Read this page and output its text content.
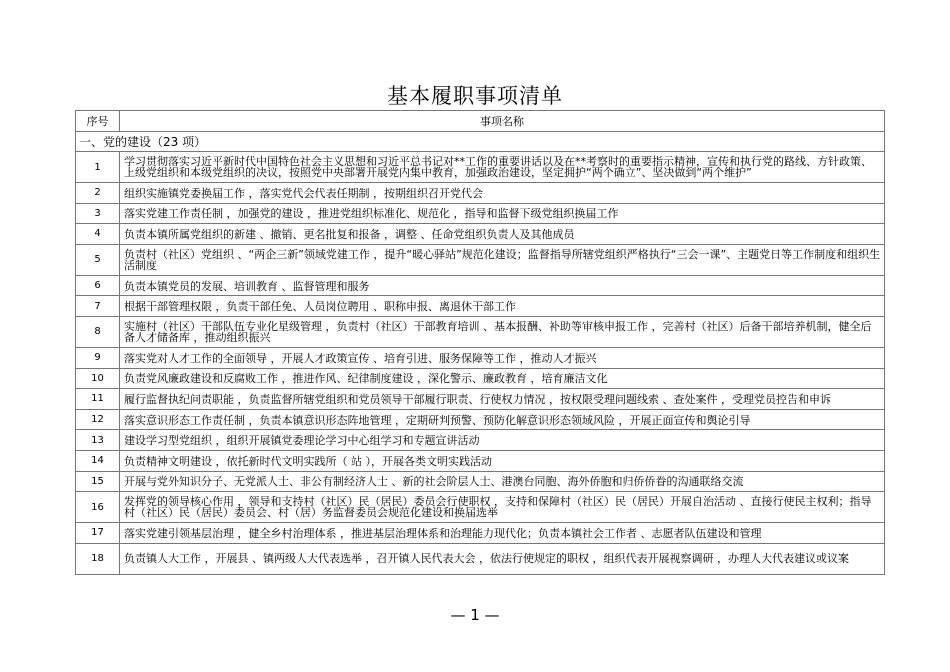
基本履职事项清单
序号	事项名称
一、党的建设（23 项）	
1	学习贯彻落实习近平新时代中国特色社会主义思想和习近平总书记对**工作的重要讲话以及在**考察时的重要指示精神，宣传和执行党的路线、方针政策、上级党组织和本级党组织的决议，按照党中央部署开展党内集中教育，加强政治建设，坚定拥护“两个确立”、坚决做到“两个维护”
2	组织实施镇党委换届工作 ，落实党代会代表任期制 ，按期组织召开党代会
3	落实党建工作责任制 ，加强党的建设 ，推进党组织标准化、规范化 ，指导和监督下级党组织换届工作
4	负责本镇所属党组织的新建 、撤销、更名批复和报备 ，调整 、任命党组织负责人及其他成员
5	负责村（社区）党组织 、“两企三新”领域党建工作 ，提升“暖心驿站”规范化建设；监督指导所辖党组织严格执行“三会一课”、主题党日等工作制度和组织生活制度
6	负责本镇党员的发展、培训教育 、监督管理和服务
7	根据干部管理权限 ，负责干部任免、人员岗位聘用 、职称申报、离退休干部工作
8	实施村（社区）干部队伍专业化星级管理 ，负责村（社区）干部教育培训 、基本报酬、补助等审核申报工作 ，完善村（社区）后备干部培养机制，健全后备人才储备库 ，推动组织振兴
9	落实党对人才工作的全面领导 ，开展人才政策宣传 、培育引进、服务保障等工作 ，推动人才振兴
10	负责党风廉政建设和反腐败工作 ，推进作风、纪律制度建设 ，深化警示、廉政教育 ，培育廉洁文化
11	履行监督执纪问责职能 ，负责监督所辖党组织和党员领导干部履行职责、行使权力情况 ，按权限受理问题线索 、查处案件 ，受理党员控告和申诉
12	落实意识形态工作责任制 ，负责本镇意识形态阵地管理 ，定期研判预警、预防化解意识形态领域风险 ，开展正面宣传和舆论引导
13	建设学习型党组织 ，组织开展镇党委理论学习中心组学习和专题宣讲活动
14	负责精神文明建设 ，依托新时代文明实践所（ 站 ），开展各类文明实践活动
15	开展与党外知识分子、无党派人士、非公有制经济人士 、新的社会阶层人士、港澳台同胞、海外侨胞和归侨侨眷的沟通联络交流
16	发挥党的领导核心作用 ，领导和支持村（社区）民（居民）委员会行使职权 ，支持和保障村（社区）民（居民）开展自治活动 、直接行使民主权利；指导村（社区）民（居民）委员会、村（居）务监督委员会规范化建设和换届选举
17	落实党建引领基层治理 ，健全乡村治理体系 ，推进基层治理体系和治理能力现代化；负责本镇社会工作者 、志愿者队伍建设和管理
18	负责镇人大工作 ，开展县 、镇两级人大代表选举 ，召开镇人民代表大会 ，依法行使规定的职权 ，组织代表开展视察调研 ，办理人大代表建议或议案
— 1 —
